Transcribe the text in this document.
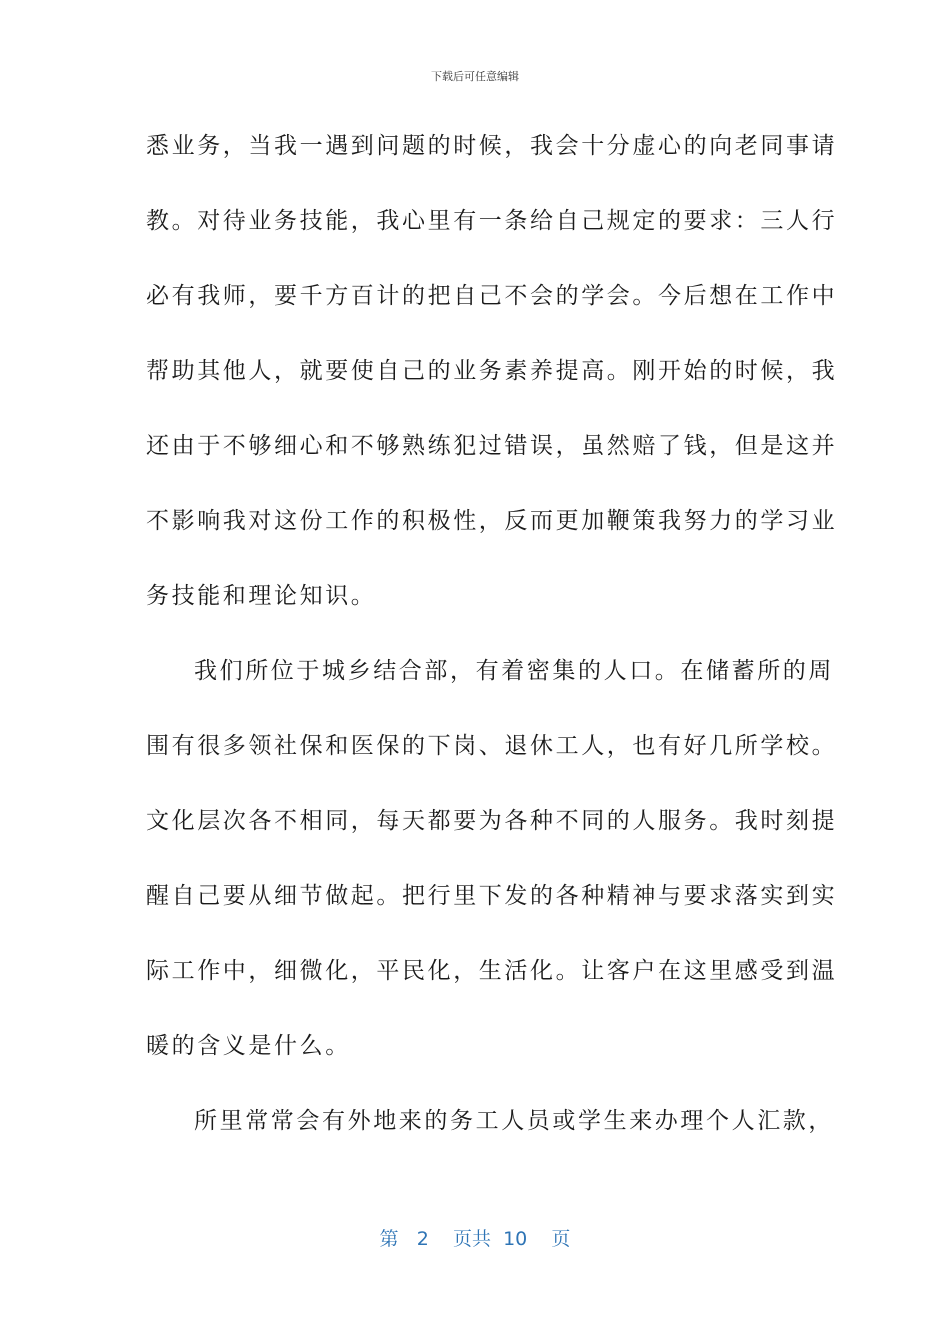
下载后可任意编辑
悉业务，当我一遇到问题的时候，我会十分虚心的向老同事请
教。对待业务技能，我心里有一条给自己规定的要求：三人行
必有我师，要千方百计的把自己不会的学会。今后想在工作中
帮助其他人，就要使自己的业务素养提高。刚开始的时候，我
还由于不够细心和不够熟练犯过错误，虽然赔了钱，但是这并
不影响我对这份工作的积极性，反而更加鞭策我努力的学习业
务技能和理论知识。
我们所位于城乡结合部，有着密集的人口。在储蓄所的周
围有很多领社保和医保的下岗、退休工人，也有好几所学校。
文化层次各不相同，每天都要为各种不同的人服务。我时刻提
醒自己要从细节做起。把行里下发的各种精神与要求落实到实
际工作中，细微化，平民化，生活化。让客户在这里感受到温
暖的含义是什么。
所里常常会有外地来的务工人员或学生来办理个人汇款，
第 2 页共 10 页
